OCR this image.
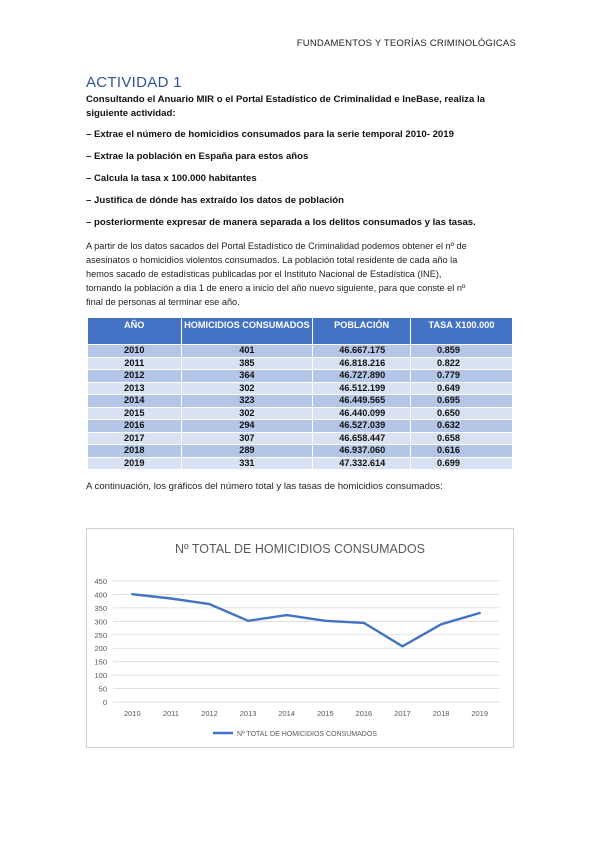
FUNDAMENTOS Y TEORÍAS CRIMINOLÓGICAS
ACTIVIDAD 1
Consultando el Anuario MIR o el Portal Estadístico de Criminalidad e IneBase, realiza la siguiente actividad:
– Extrae el número de homicidios consumados para la serie temporal 2010- 2019
– Extrae la población en España para estos años
– Calcula la tasa x 100.000 habitantes
– Justifica de dónde has extraído los datos de población
– posteriormente expresar de manera separada a los delitos consumados y las tasas.
A partir de los datos sacados del Portal Estadístico de Criminalidad podemos obtener el nº de
asesinatos o homicidios violentos consumados. La población total residente de cada año la
hemos sacado de estadísticas publicadas por el Instituto Nacional de Estadística (INE),
tomando la población a día 1 de enero a inicio del año nuevo siguiente, para que conste el nº
final de personas al terminar ese año.
AÑO	HOMICIDIOS CONSUMADOS	POBLACIÓN	TASA X100.000
2010	401	46.667.175	0.859
2011	385	46.818.216	0.822
2012	364	46.727.890	0.779
2013	302	46.512.199	0.649
2014	323	46.449.565	0.695
2015	302	46.440.099	0.650
2016	294	46.527.039	0.632
2017	307	46.658.447	0.658
2018	289	46.937.060	0.616
2019	331	47.332.614	0.699
A continuación, los gráficos del número total y las tasas de homicidios consumados:
Nº TOTAL DE HOMICIDIOS CONSUMADOS
0
50
100
150
200
250
300
350
400
450
2010	2011	2012	2013	2014	2015	2016	2017	2018	2019
Nº TOTAL DE HOMICIDIOS CONSUMADOS
